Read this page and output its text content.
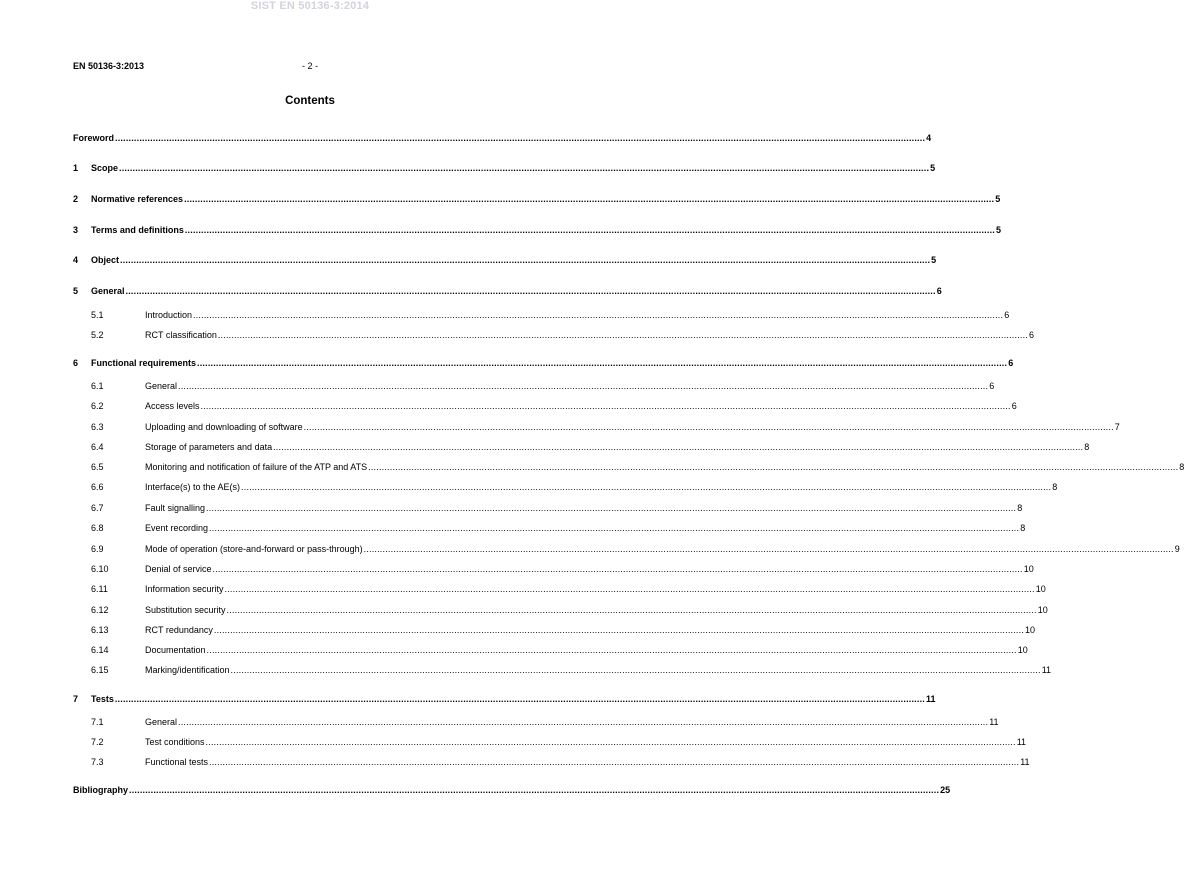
SIST EN 50136-3:2014
EN 50136-3:2013	- 2 -
Contents
Foreword ............................................................................................................................................................................................................................................................................................................ 4
1	Scope ............................................................................................................................................................................................................................................................................................................ 5
2	Normative references ............................................................................................................................................................................................................................................................................................................ 5
3	Terms and definitions ............................................................................................................................................................................................................................................................................................................ 5
4	Object ............................................................................................................................................................................................................................................................................................................ 5
5	General ............................................................................................................................................................................................................................................................................................................ 6
5.1	Introduction ............................................................................................................................................................................................................................................................................................................ 6
5.2	RCT classification ............................................................................................................................................................................................................................................................................................................ 6
6	Functional requirements ............................................................................................................................................................................................................................................................................................................ 6
6.1	General ............................................................................................................................................................................................................................................................................................................ 6
6.2	Access levels ............................................................................................................................................................................................................................................................................................................ 6
6.3	Uploading and downloading of software ............................................................................................................................................................................................................................................................................................................ 7
6.4	Storage of parameters and data ............................................................................................................................................................................................................................................................................................................ 8
6.5	Monitoring and notification of failure of the ATP and ATS ............................................................................................................................................................................................................................................................................................................ 8
6.6	Interface(s) to the AE(s) ............................................................................................................................................................................................................................................................................................................ 8
6.7	Fault signalling ............................................................................................................................................................................................................................................................................................................ 8
6.8	Event recording ............................................................................................................................................................................................................................................................................................................ 8
6.9	Mode of operation (store-and-forward or pass-through) ............................................................................................................................................................................................................................................................................................................ 9
6.10	Denial of service ............................................................................................................................................................................................................................................................................................................ 10
6.11	Information security ............................................................................................................................................................................................................................................................................................................ 10
6.12	Substitution security ............................................................................................................................................................................................................................................................................................................ 10
6.13	RCT redundancy ............................................................................................................................................................................................................................................................................................................ 10
6.14	Documentation ............................................................................................................................................................................................................................................................................................................ 10
6.15	Marking/identification ............................................................................................................................................................................................................................................................................................................ 11
7	Tests ............................................................................................................................................................................................................................................................................................................ 11
7.1	General ............................................................................................................................................................................................................................................................................................................ 11
7.2	Test conditions ............................................................................................................................................................................................................................................................................................................ 11
7.3	Functional tests ............................................................................................................................................................................................................................................................................................................ 11
Bibliography ............................................................................................................................................................................................................................................................................................................ 25
